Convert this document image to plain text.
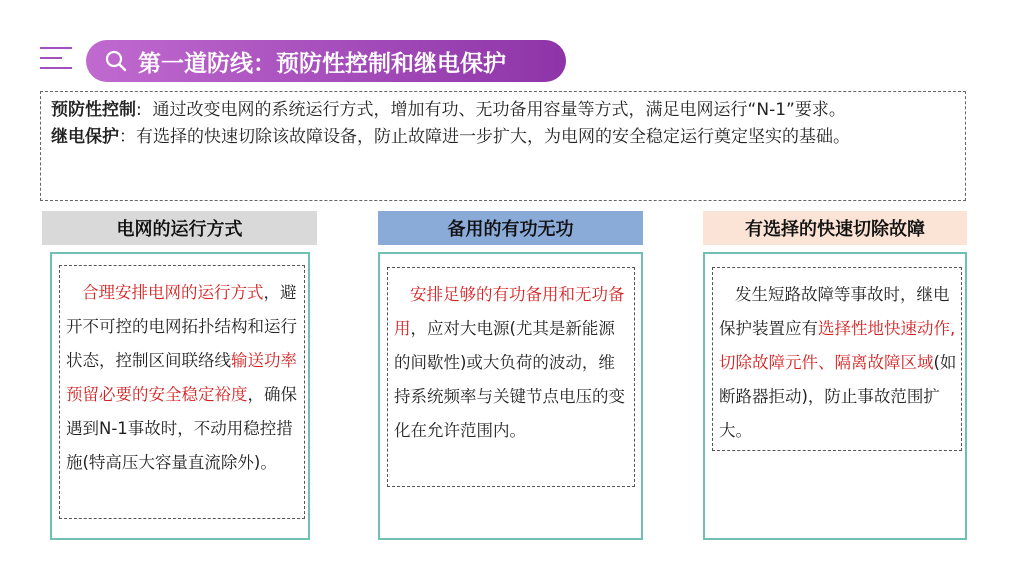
第一道防线：预防性控制和继电保护
预防性控制 : 通过改变电网的系统运行方式，增加有功、无功备用容量等方式，满足电网运行“N-1”要求。
继电保护 ： 有选择的快速切除该故障设备，防止故障进一步扩大，为电网的安全稳定运行奠定坚实的基础。
电网的运行方式	备用的有功无功	有选择的快速切除故障
合理安排电网的运行方式，避开不可控的电网拓扑结构和运行状态，控制区间联络线输送功率预留必要的安全稳定裕度，确保遇到N-1事故时，不动用稳控措施(特高压大容量直流除外)。
安排足够的有功备用和无功备用，应对大电源(尤其是新能源的间歇性)或大负荷的波动，维持系统频率与关键节点电压的变化在允许范围内。
发生短路故障等事故时，继电保护装置应有选择性地快速动作,切除故障元件、隔离故障区域(如断路器拒动)，防止事故范围扩大。
